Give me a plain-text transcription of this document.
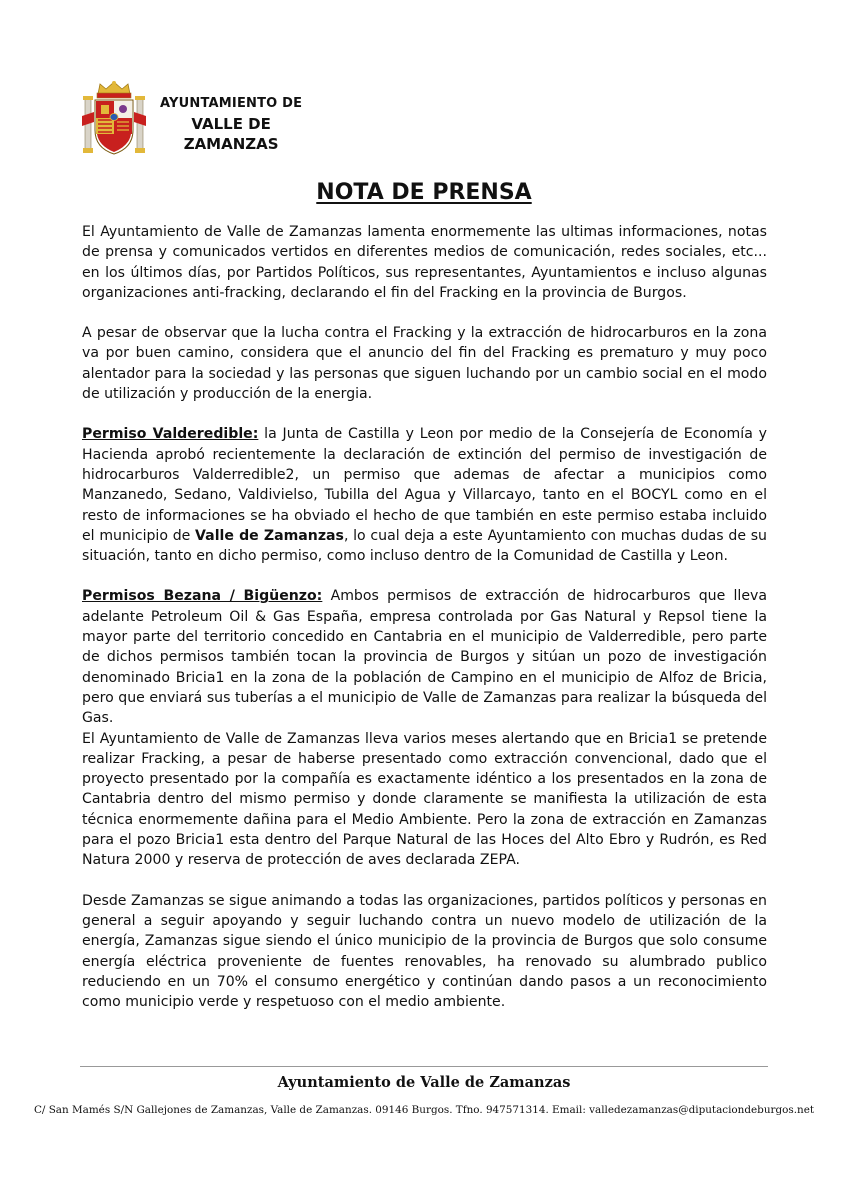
AYUNTAMIENTO DE
VALLE DE
ZAMANZAS
NOTA DE PRENSA

El Ayuntamiento de Valle de Zamanzas lamenta enormemente las ultimas informaciones, notas de prensa y comunicados vertidos en diferentes medios de comunicación, redes sociales, etc... en los últimos días, por Partidos Políticos, sus representantes, Ayuntamientos e incluso algunas organizaciones anti-fracking, declarando el fin del Fracking en la provincia de Burgos.

A pesar de observar que la lucha contra el Fracking y la extracción de hidrocarburos en la zona va por buen camino, considera que el anuncio del fin del Fracking es prematuro y muy poco alentador para la sociedad y las personas que siguen luchando por un cambio social en el modo de utilización y producción de la energia.

Permiso Valderedible: la Junta de Castilla y Leon por medio de la Consejería de Economía y Hacienda aprobó recientemente la declaración de extinción del permiso de investigación de hidrocarburos Valderredible2, un permiso que ademas de afectar a municipios como Manzanedo, Sedano, Valdivielso, Tubilla del Agua y Villarcayo, tanto en el BOCYL como en el resto de informaciones se ha obviado el hecho de que también en este permiso estaba incluido el municipio de Valle de Zamanzas, lo cual deja a este Ayuntamiento con muchas dudas de su situación, tanto en dicho permiso, como incluso dentro de la Comunidad de Castilla y Leon.

Permisos Bezana / Bigüenzo: Ambos permisos de extracción de hidrocarburos que lleva adelante Petroleum Oil & Gas España, empresa controlada por Gas Natural y Repsol tiene la mayor parte del territorio concedido en Cantabria en el municipio de Valderredible, pero parte de dichos permisos también tocan la provincia de Burgos y sitúan un pozo de investigación denominado Bricia1 en la zona de la población de Campino en el municipio de Alfoz de Bricia, pero que enviará sus tuberías a el municipio de Valle de Zamanzas para realizar la búsqueda del Gas.

El Ayuntamiento de Valle de Zamanzas lleva varios meses alertando que en Bricia1 se pretende realizar Fracking, a pesar de haberse presentado como extracción convencional, dado que el proyecto presentado por la compañía es exactamente idéntico a los presentados en la zona de Cantabria dentro del mismo permiso y donde claramente se manifiesta la utilización de esta técnica enormemente dañina para el Medio Ambiente. Pero la zona de extracción en Zamanzas para el pozo Bricia1 esta dentro del Parque Natural de las Hoces del Alto Ebro y Rudrón, es Red Natura 2000 y reserva de protección de aves declarada ZEPA.

Desde Zamanzas se sigue animando a todas las organizaciones, partidos políticos y personas en general a seguir apoyando y seguir luchando contra un nuevo modelo de utilización de la energía, Zamanzas sigue siendo el único municipio de la provincia de Burgos que solo consume energía eléctrica proveniente de fuentes renovables, ha renovado su alumbrado publico reduciendo en un 70% el consumo energético y continúan dando pasos a un reconocimiento como municipio verde y respetuoso con el medio ambiente.

Ayuntamiento de Valle de Zamanzas
C/ San Mamés S/N Gallejones de Zamanzas, Valle de Zamanzas. 09146 Burgos. Tfno. 947571314. Email: valledezamanzas@diputaciondeburgos.net
